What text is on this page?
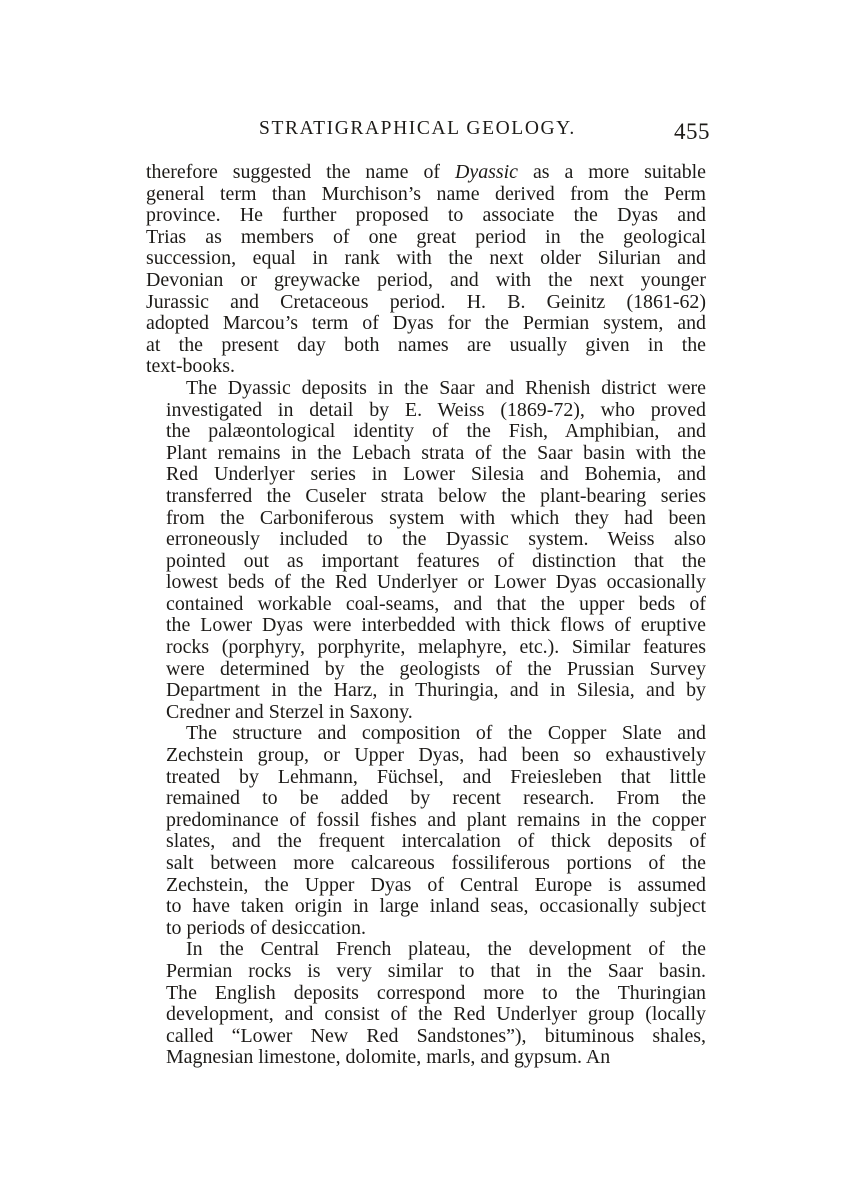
STRATIGRAPHICAL GEOLOGY.	455

therefore suggested the name of Dyassic as a more suitable
general term than Murchison’s name derived from the Perm
province. He further proposed to associate the Dyas and
Trias as members of one great period in the geological
succession, equal in rank with the next older Silurian and
Devonian or greywacke period, and with the next younger
Jurassic and Cretaceous period. H. B. Geinitz (1861-62)
adopted Marcou’s term of Dyas for the Permian system, and
at the present day both names are usually given in the
text-books.

The Dyassic deposits in the Saar and Rhenish district were
investigated in detail by E. Weiss (1869-72), who proved
the palæontological identity of the Fish, Amphibian, and
Plant remains in the Lebach strata of the Saar basin with the
Red Underlyer series in Lower Silesia and Bohemia, and
transferred the Cuseler strata below the plant-bearing series
from the Carboniferous system with which they had been
erroneously included to the Dyassic system. Weiss also
pointed out as important features of distinction that the
lowest beds of the Red Underlyer or Lower Dyas occasionally
contained workable coal-seams, and that the upper beds of
the Lower Dyas were interbedded with thick flows of eruptive
rocks (porphyry, porphyrite, melaphyre, etc.). Similar features
were determined by the geologists of the Prussian Survey
Department in the Harz, in Thuringia, and in Silesia, and by
Credner and Sterzel in Saxony.

The structure and composition of the Copper Slate and
Zechstein group, or Upper Dyas, had been so exhaustively
treated by Lehmann, Füchsel, and Freiesleben that little
remained to be added by recent research. From the
predominance of fossil fishes and plant remains in the copper
slates, and the frequent intercalation of thick deposits of
salt between more calcareous fossiliferous portions of the
Zechstein, the Upper Dyas of Central Europe is assumed
to have taken origin in large inland seas, occasionally subject
to periods of desiccation.

In the Central French plateau, the development of the
Permian rocks is very similar to that in the Saar basin.
The English deposits correspond more to the Thuringian
development, and consist of the Red Underlyer group (locally
called “Lower New Red Sandstones”), bituminous shales,
Magnesian limestone, dolomite, marls, and gypsum. An
